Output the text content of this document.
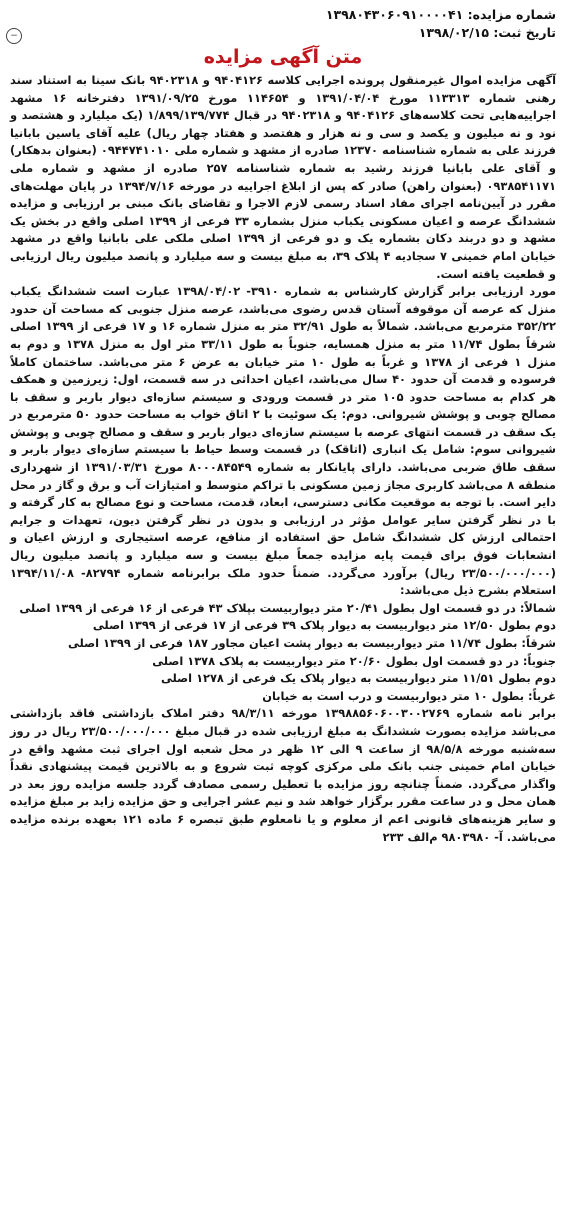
−
شماره مزایده: ۱۳۹۸۰۴۳۰۶۰۹۱۰۰۰۰۴۱
تاریخ ثبت: ۱۳۹۸/۰۲/۱۵
متن آگهی مزایده

آگهی مزایده اموال غیرمنقول پرونده اجرایی کلاسه ۹۴۰۴۱۲۶ و ۹۴۰۲۳۱۸ بانک سینا به استناد سند رهنی شماره ۱۱۳۳۱۳ مورخ ۱۳۹۱/۰۴/۰۴ و ۱۱۴۶۵۴ مورخ ۱۳۹۱/۰۹/۲۵ دفترخانه ۱۶ مشهد اجراییه‌هایی تحت کلاسه‌های ۹۴۰۴۱۲۶ و ۹۴۰۲۳۱۸ در قبال ۱/۸۹۹/۱۳۹/۷۷۴ (یک میلیارد و هشتصد و نود و نه میلیون و یکصد و سی و نه هزار و هفتصد و هفتاد چهار ریال) علیه آقای یاسین بابانیا فرزند علی به شماره شناسنامه ۱۲۳۷۰ صادره از مشهد و شماره ملی ۰۹۴۴۷۴۱۰۱۰ (بعنوان بدهکار) و آقای علی بابانیا فرزند رشید به شماره شناسنامه ۲۵۷ صادره از مشهد و شماره ملی ۰۹۳۸۵۴۱۱۷۱ (بعنوان راهن) صادر که پس از ابلاغ اجراییه در مورخه ۱۳۹۴/۷/۱۶ در پایان مهلت‌های مقرر در آیین‌نامه اجرای مفاد اسناد رسمی لازم الاجرا و تقاضای بانک مبنی بر ارزیابی و مزایده ششدانگ عرصه و اعیان مسکونی یکباب منزل بشماره ۳۳ فرعی از ۱۳۹۹ اصلی واقع در بخش یک مشهد و دو دربند دکان بشماره یک و دو فرعی از ۱۳۹۹ اصلی ملکی علی بابانیا واقع در مشهد خیابان امام خمینی ۷ سجادیه ۴ پلاک ۳۹، به مبلغ بیست و سه میلیارد و پانصد میلیون ریال ارزیابی و قطعیت یافته است.

مورد ارزیابی برابر گزارش کارشناس به شماره ۳۹۱۰- ۱۳۹۸/۰۴/۰۲ عبارت است ششدانگ یکباب منزل که عرصه آن موقوفه آستان قدس رضوی می‌باشد، عرصه منزل جنوبی که مساحت آن حدود ۳۵۲/۲۲ مترمربع می‌باشد. شمالاً به طول ۳۲/۹۱ متر به منزل شماره ۱۶ و ۱۷ فرعی از ۱۳۹۹ اصلی شرقاً بطول ۱۱/۷۴ متر به منزل همسایه، جنوباً به طول ۳۳/۱۱ متر اول به منزل ۱۳۷۸ و دوم به منزل ۱ فرعی از ۱۳۷۸ و غرباً به طول ۱۰ متر خیابان به عرض ۶ متر می‌باشد. ساختمان کاملاً فرسوده و قدمت آن حدود ۴۰ سال می‌باشد، اعیان احداثی در سه قسمت، اول: زیرزمین و همکف هر کدام به مساحت حدود ۱۰۵ متر در قسمت ورودی و سیستم سازه‌ای دیوار باربر و سقف با مصالح چوبی و پوشش شیروانی. دوم: یک سوئیت با ۲ اتاق خواب به مساحت حدود ۵۰ مترمربع در یک سقف در قسمت انتهای عرصه با سیستم سازه‌ای دیوار باربر و سقف و مصالح چوبی و پوشش شیروانی سوم: شامل یک انباری (اتاقک) در قسمت وسط حیاط با سیستم سازه‌ای دیوار باربر و سقف طاق ضربی می‌باشد. دارای پایانکار به شماره ۸۰۰۰۸۴۵۴۹ مورخ ۱۳۹۱/۰۳/۳۱ از شهرداری منطقه ۸ می‌باشد کاربری مجاز زمین مسکونی با تراکم متوسط و امتیازات آب و برق و گاز در محل دایر است. با توجه به موقعیت مکانی دسترسی، ابعاد، قدمت، مساحت و نوع مصالح به کار گرفته و با در نظر گرفتن سایر عوامل مؤثر در ارزیابی و بدون در نظر گرفتن دیون، تعهدات و جرایم احتمالی ارزش کل ششدانگ شامل حق استفاده از منافع، عرصه استیجاری و ارزش اعیان و انشعابات فوق برای قیمت پایه مزایده جمعاً مبلغ بیست و سه میلیارد و پانصد میلیون ریال (۲۳/۵۰۰/۰۰۰/۰۰۰ ریال) برآورد می‌گردد. ضمناً حدود ملک برابرنامه شماره ۸۲۷۹۴- ۱۳۹۴/۱۱/۰۸ استعلام بشرح ذیل می‌باشد:

شمالاً: در دو قسمت اول بطول ۲۰/۴۱ متر دیواربیست بپلاک ۴۳ فرعی از ۱۶ فرعی از ۱۳۹۹ اصلی

دوم بطول ۱۲/۵۰ متر دیواربیست به دیوار پلاک ۳۹ فرعی از ۱۷ فرعی از ۱۳۹۹ اصلی

شرقاً: بطول ۱۱/۷۴ متر دیواربیست به دیوار پشت اعیان مجاور ۱۸۷ فرعی از ۱۳۹۹ اصلی

جنوباً: در دو قسمت اول بطول ۲۰/۶۰ متر دیواربیست به پلاک ۱۳۷۸ اصلی

دوم بطول ۱۱/۵۱ متر دیواربیست به دیوار پلاک یک فرعی از ۱۲۷۸ اصلی

غرباً: بطول ۱۰ متر دیواربیست و درب است به خیابان

برابر نامه شماره ۱۳۹۸۸۵۶۰۶۰۰۳۰۰۲۷۶۹ مورخه ۹۸/۳/۱۱ دفتر املاک بازداشتی فاقد بازداشتی می‌باشد مزایده بصورت ششدانگ به مبلغ ارزیابی شده در قبال مبلغ ۲۳/۵۰۰/۰۰۰/۰۰۰ ریال در روز سه‌شنبه مورخه ۹۸/۵/۸ از ساعت ۹ الی ۱۲ ظهر در محل شعبه اول اجرای ثبت مشهد واقع در خیابان امام خمینی جنب بانک ملی مرکزی کوچه ثبت شروع و به بالاترین قیمت پیشنهادی نقداً واگذار می‌گردد. ضمناً چنانچه روز مزایده با تعطیل رسمی مصادف گردد جلسه مزایده روز بعد در همان محل و در ساعت مقرر برگزار خواهد شد و نیم عشر اجرایی و حق مزایده زاید بر مبلغ مزایده و سایر هزینه‌های قانونی اعم از معلوم و یا نامعلوم طبق تبصره ۶ ماده ۱۲۱ بعهده برنده مزایده می‌باشد. آ- ۹۸۰۳۹۸۰ م‌الف ۲۳۳
